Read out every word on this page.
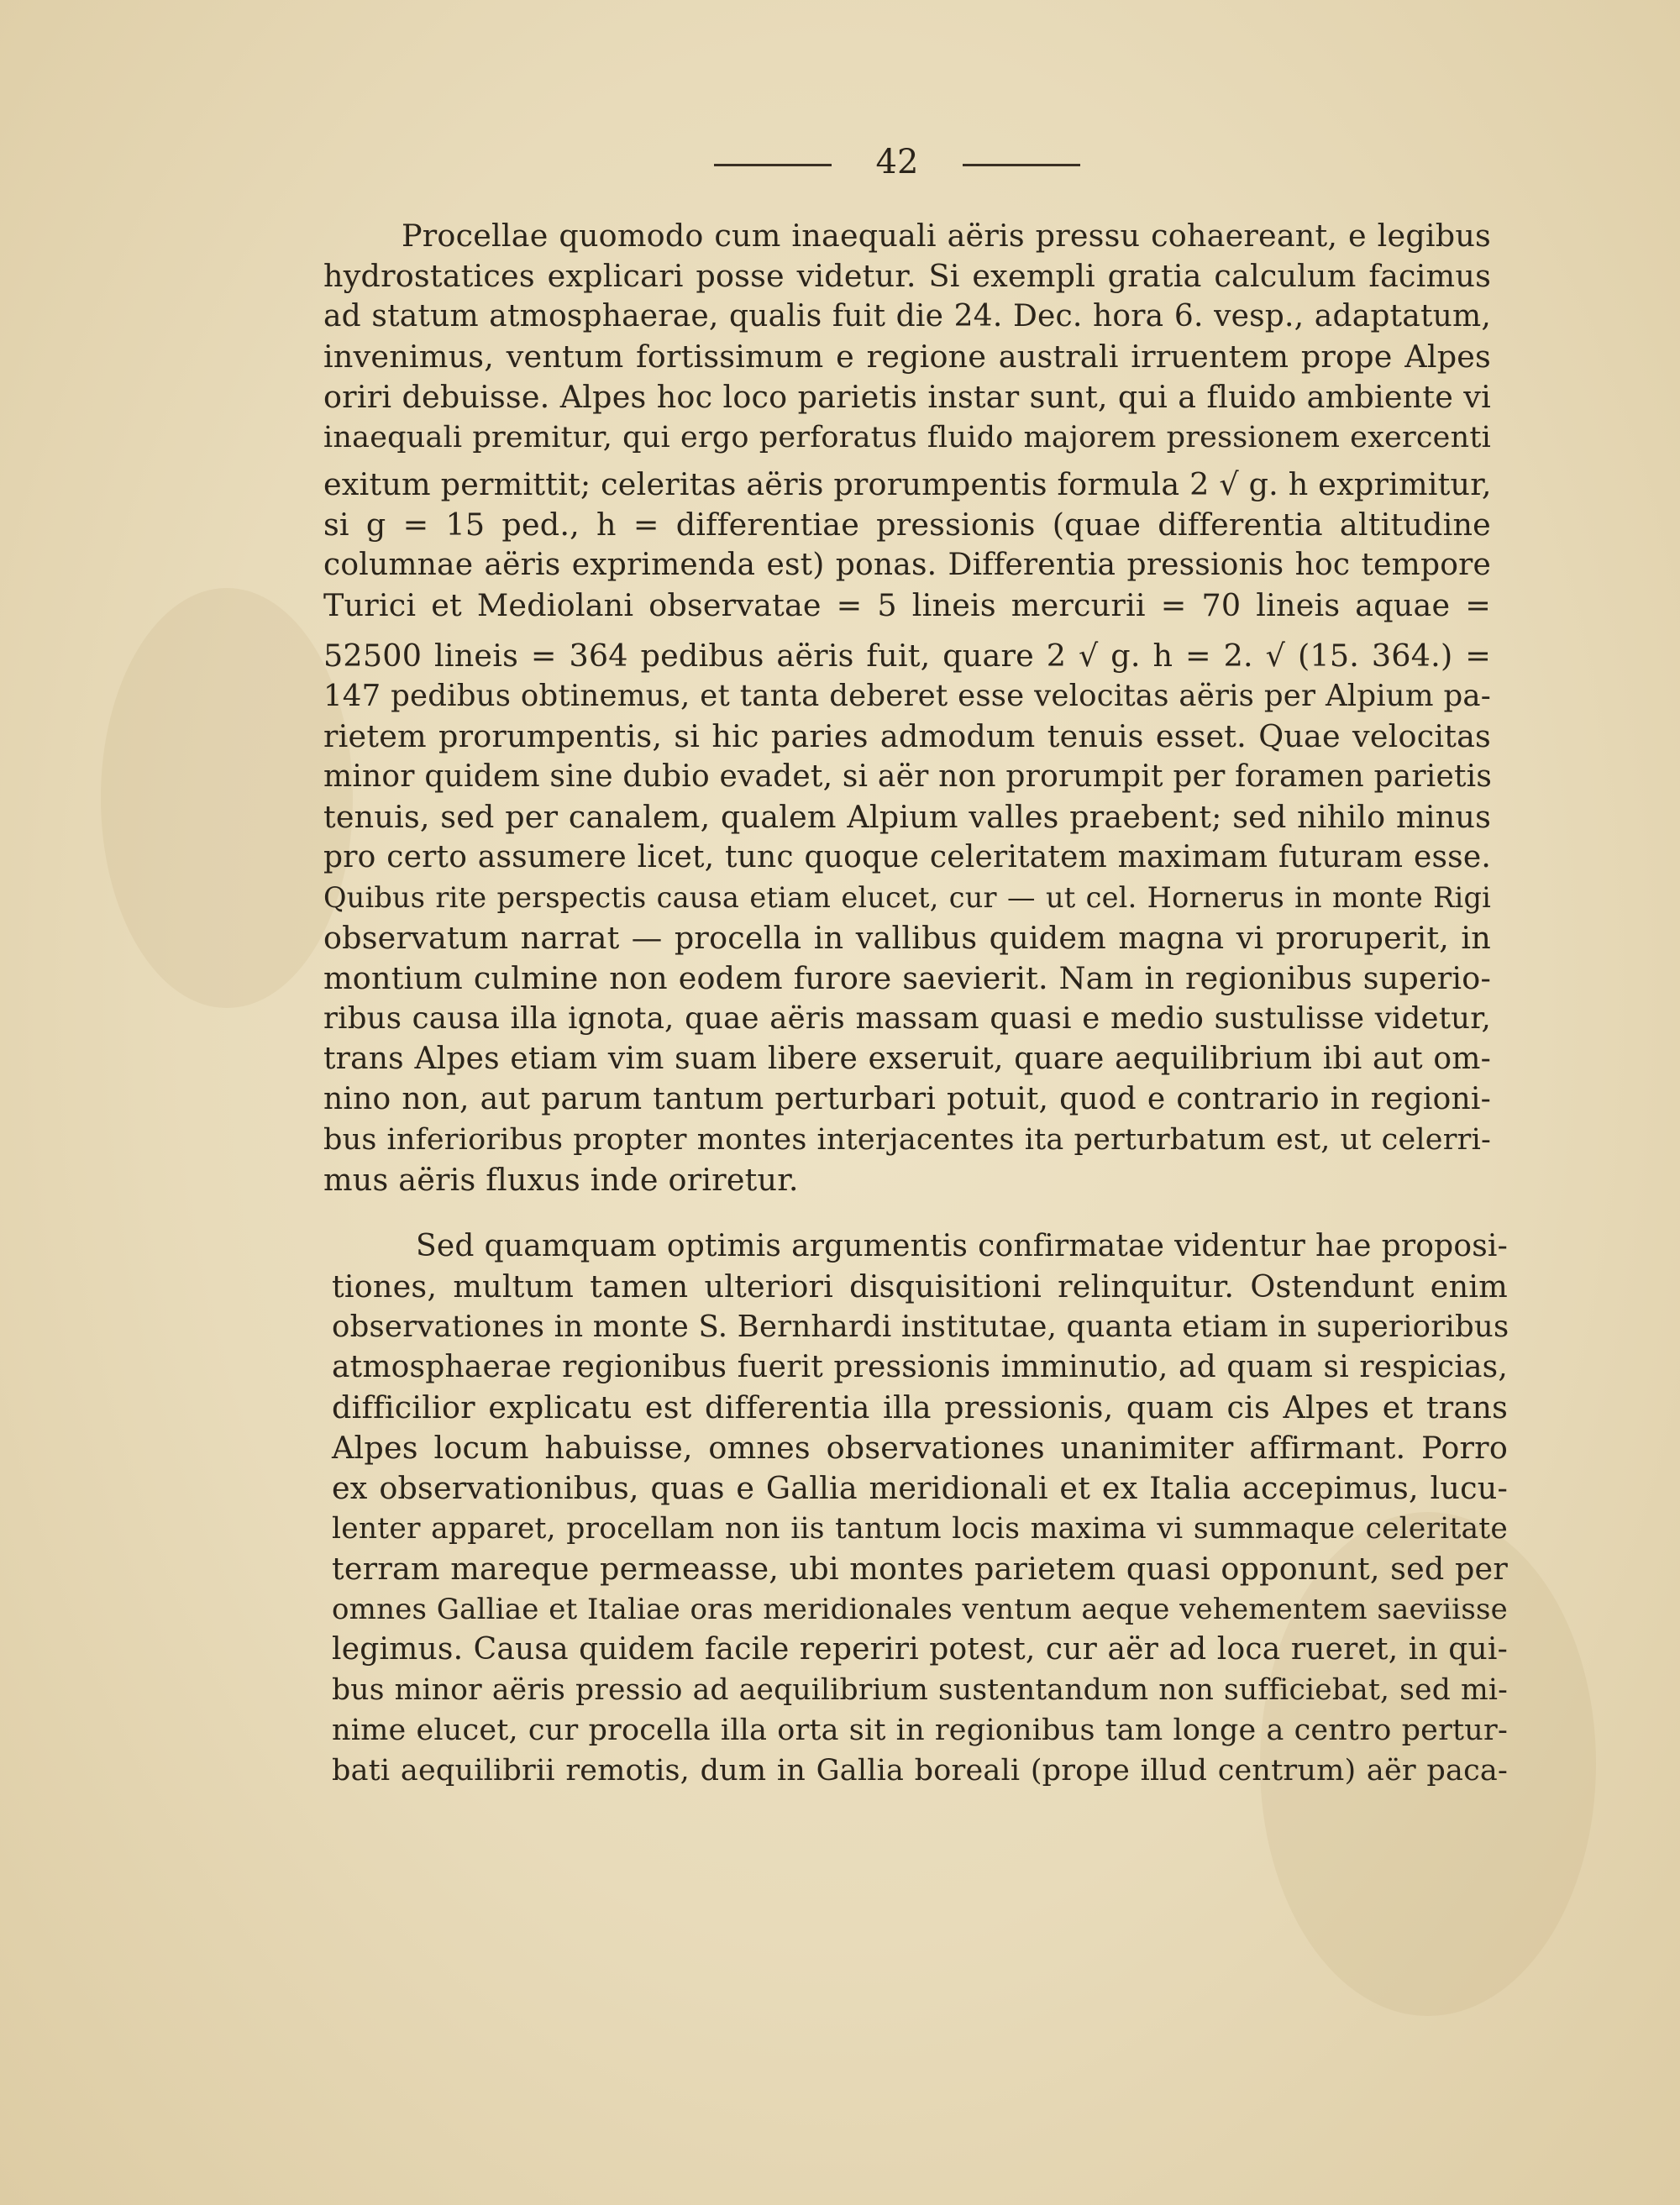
42
Procellae quomodo cum inaequali aëris pressu cohaereant, e legibus
hydrostatices explicari posse videtur. Si exempli gratia calculum facimus
ad statum atmosphaerae, qualis fuit die 24. Dec. hora 6. vesp., adaptatum,
invenimus, ventum fortissimum e regione australi irruentem prope Alpes
oriri debuisse. Alpes hoc loco parietis instar sunt, qui a fluido ambiente vi
inaequali premitur, qui ergo perforatus fluido majorem pressionem exercenti
exitum permittit; celeritas aëris prorumpentis formula 2 √ g. h exprimitur,
si g = 15 ped., h = differentiae pressionis (quae differentia altitudine
columnae aëris exprimenda est) ponas. Differentia pressionis hoc tempore
Turici et Mediolani observatae = 5 lineis mercurii = 70 lineis aquae =
52500 lineis = 364 pedibus aëris fuit, quare 2 √ g. h = 2. √ (15. 364.) =
147 pedibus obtinemus, et tanta deberet esse velocitas aëris per Alpium pa-
rietem prorumpentis, si hic paries admodum tenuis esset. Quae velocitas
minor quidem sine dubio evadet, si aër non prorumpit per foramen parietis
tenuis, sed per canalem, qualem Alpium valles praebent; sed nihilo minus
pro certo assumere licet, tunc quoque celeritatem maximam futuram esse.
Quibus rite perspectis causa etiam elucet, cur — ut cel. Hornerus in monte Rigi
observatum narrat — procella in vallibus quidem magna vi proruperit, in
montium culmine non eodem furore saevierit. Nam in regionibus superio-
ribus causa illa ignota, quae aëris massam quasi e medio sustulisse videtur,
trans Alpes etiam vim suam libere exseruit, quare aequilibrium ibi aut om-
nino non, aut parum tantum perturbari potuit, quod e contrario in regioni-
bus inferioribus propter montes interjacentes ita perturbatum est, ut celerri-
mus aëris fluxus inde oriretur.
Sed quamquam optimis argumentis confirmatae videntur hae proposi-
tiones, multum tamen ulteriori disquisitioni relinquitur. Ostendunt enim
observationes in monte S. Bernhardi institutae, quanta etiam in superioribus
atmosphaerae regionibus fuerit pressionis imminutio, ad quam si respicias,
difficilior explicatu est differentia illa pressionis, quam cis Alpes et trans
Alpes locum habuisse, omnes observationes unanimiter affirmant. Porro
ex observationibus, quas e Gallia meridionali et ex Italia accepimus, lucu-
lenter apparet, procellam non iis tantum locis maxima vi summaque celeritate
terram mareque permeasse, ubi montes parietem quasi opponunt, sed per
omnes Galliae et Italiae oras meridionales ventum aeque vehementem saeviisse
legimus. Causa quidem facile reperiri potest, cur aër ad loca rueret, in qui-
bus minor aëris pressio ad aequilibrium sustentandum non sufficiebat, sed mi-
nime elucet, cur procella illa orta sit in regionibus tam longe a centro pertur-
bati aequilibrii remotis, dum in Gallia boreali (prope illud centrum) aër paca-
